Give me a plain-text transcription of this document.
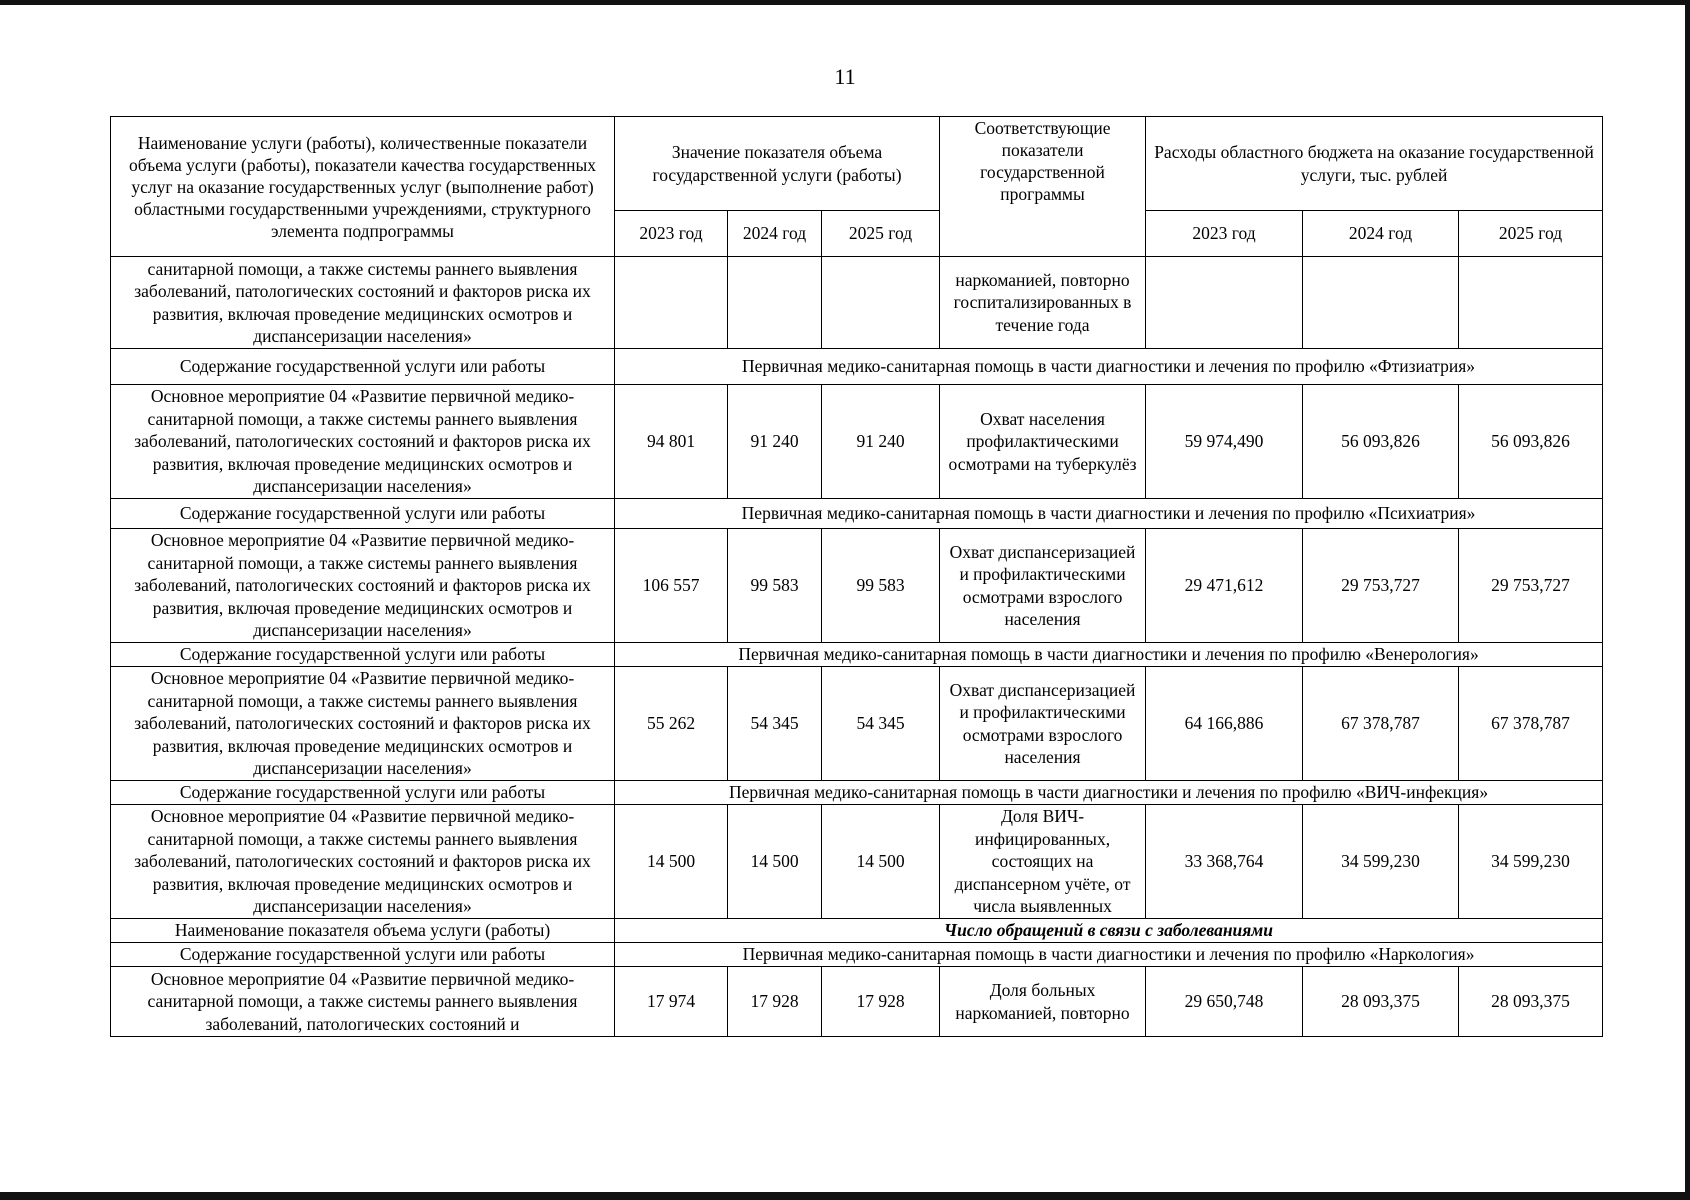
11
Наименование услуги (работы), количественные показатели объема услуги (работы), показатели качества государственных услуг на оказание государственных услуг (выполнение работ) областными государственными учреждениями, структурного элемента подпрограммы	Значение показателя объема государственной услуги (работы)			Соответствующие показатели государственной программы	Расходы областного бюджета на оказание государственной услуги, тыс. рублей		
	2023 год	2024 год	2025 год		2023 год	2024 год	2025 год
санитарной помощи, а также системы раннего выявления заболеваний, патологических состояний и факторов риска их развития, включая проведение медицинских осмотров и диспансеризации населения»				наркоманией, повторно госпитализированных в течение года			
Содержание государственной услуги или работы	Первичная медико-санитарная помощь в части диагностики и лечения по профилю «Фтизиатрия»						
Основное мероприятие 04 «Развитие первичной медико-санитарной помощи, а также системы раннего выявления заболеваний, патологических состояний и факторов риска их развития, включая проведение медицинских осмотров и диспансеризации населения»	94 801	91 240	91 240	Охват населения профилактическими осмотрами на туберкулёз	59 974,490	56 093,826	56 093,826
Содержание государственной услуги или работы	Первичная медико-санитарная помощь в части диагностики и лечения по профилю «Психиатрия»						
Основное мероприятие 04 «Развитие первичной медико-санитарной помощи, а также системы раннего выявления заболеваний, патологических состояний и факторов риска их развития, включая проведение медицинских осмотров и диспансеризации населения»	106 557	99 583	99 583	Охват диспансеризацией и профилактическими осмотрами взрослого населения	29 471,612	29 753,727	29 753,727
Содержание государственной услуги или работы	Первичная медико-санитарная помощь в части диагностики и лечения по профилю «Венерология»						
Основное мероприятие 04 «Развитие первичной медико-санитарной помощи, а также системы раннего выявления заболеваний, патологических состояний и факторов риска их развития, включая проведение медицинских осмотров и диспансеризации населения»	55 262	54 345	54 345	Охват диспансеризацией и профилактическими осмотрами взрослого населения	64 166,886	67 378,787	67 378,787
Содержание государственной услуги или работы	Первичная медико-санитарная помощь в части диагностики и лечения по профилю «ВИЧ-инфекция»						
Основное мероприятие 04 «Развитие первичной медико-санитарной помощи, а также системы раннего выявления заболеваний, патологических состояний и факторов риска их развития, включая проведение медицинских осмотров и диспансеризации населения»	14 500	14 500	14 500	Доля ВИЧ-инфицированных, состоящих на диспансерном учёте, от числа выявленных	33 368,764	34 599,230	34 599,230
Наименование показателя объема услуги (работы)	Число обращений в связи с заболеваниями						
Содержание государственной услуги или работы	Первичная медико-санитарная помощь в части диагностики и лечения по профилю «Наркология»						
Основное мероприятие 04 «Развитие первичной медико-санитарной помощи, а также системы раннего выявления заболеваний, патологических состояний и	17 974	17 928	17 928	Доля больных наркоманией, повторно	29 650,748	28 093,375	28 093,375
